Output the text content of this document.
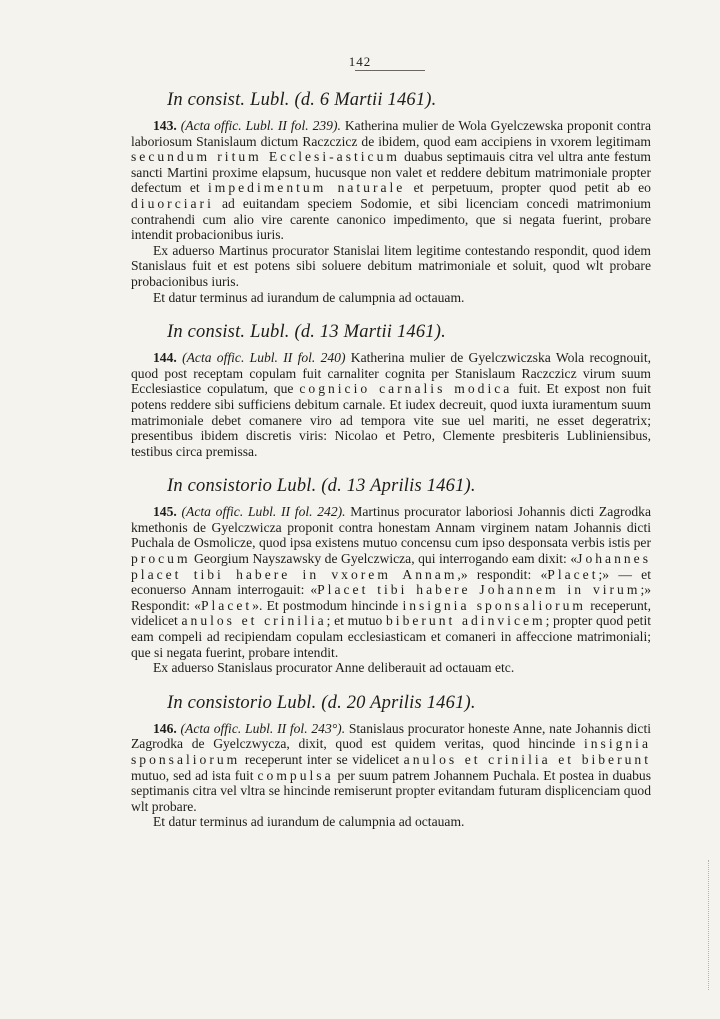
142
In consist. Lubl. (d. 6 Martii 1461).

143. (Acta offic. Lubl. II fol. 239). Katherina mulier de Wola Gyelczewska proponit contra laboriosum Stanislaum dictum Raczczicz de ibidem, quod eam accipiens in vxorem legitimam secundum ritum Ecclesi-asticum duabus septimauis citra vel ultra ante festum sancti Martini proxime elapsum, hucusque non valet et reddere debitum matrimoniale propter defectum et impedimentum naturale et perpetuum, propter quod petit ab eo diuorciari ad euitandam speciem Sodomie, et sibi licenciam concedi matrimonium contrahendi cum alio vire carente canonico impedimento, que si negata fuerint, probare intendit probacionibus iuris.

Ex aduerso Martinus procurator Stanislai litem legitime contestando respondit, quod idem Stanislaus fuit et est potens sibi soluere debitum matrimoniale et soluit, quod wlt probare probacionibus iuris.

Et datur terminus ad iurandum de calumpnia ad octauam.

In consist. Lubl. (d. 13 Martii 1461).

144. (Acta offic. Lubl. II fol. 240) Katherina mulier de Gyelczwiczska Wola recognouit, quod post receptam copulam fuit carnaliter cognita per Stanislaum Raczczicz virum suum Ecclesiastice copulatum, que cognicio carnalis modica fuit. Et expost non fuit potens reddere sibi sufficiens debitum carnale. Et iudex decreuit, quod iuxta iuramentum suum matrimoniale debet comanere viro ad tempora vite sue uel mariti, ne esset degeratrix; presentibus ibidem discretis viris: Nicolao et Petro, Clemente presbiteris Lubliniensibus, testibus circa premissa.

In consistorio Lubl. (d. 13 Aprilis 1461).

145. (Acta offic. Lubl. II fol. 242). Martinus procurator laboriosi Johannis dicti Zagrodka kmethonis de Gyelczwicza proponit contra honestam Annam virginem natam Johannis dicti Puchala de Osmolicze, quod ipsa existens mutuo concensu cum ipso desponsata verbis istis per procum Georgium Nayszawsky de Gyelczwicza, qui interrogando eam dixit: «Johannes placet tibi habere in vxorem Annam,» respondit: «Placet;» — et econuerso Annam interrogauit: «Placet tibi habere Johannem in virum;» Respondit: «Placet». Et postmodum hincinde insignia sponsaliorum receperunt, videlicet anulos et crinilia; et mutuo biberunt adinvicem; propter quod petit eam compeli ad recipiendam copulam ecclesiasticam et comaneri in affeccione matrimoniali; que si negata fuerint, probare intendit.

Ex aduerso Stanislaus procurator Anne deliberauit ad octauam etc.

In consistorio Lubl. (d. 20 Aprilis 1461).

146. (Acta offic. Lubl. II fol. 243°). Stanislaus procurator honeste Anne, nate Johannis dicti Zagrodka de Gyelczwycza, dixit, quod est quidem veritas, quod hincinde insignia sponsaliorum receperunt inter se videlicet anulos et crinilia et biberunt mutuo, sed ad ista fuit compulsa per suum patrem Johannem Puchala. Et postea in duabus septimanis citra vel vltra se hincinde remiserunt propter evitandam futuram displicenciam quod wlt probare.

Et datur terminus ad iurandum de calumpnia ad octauam.
